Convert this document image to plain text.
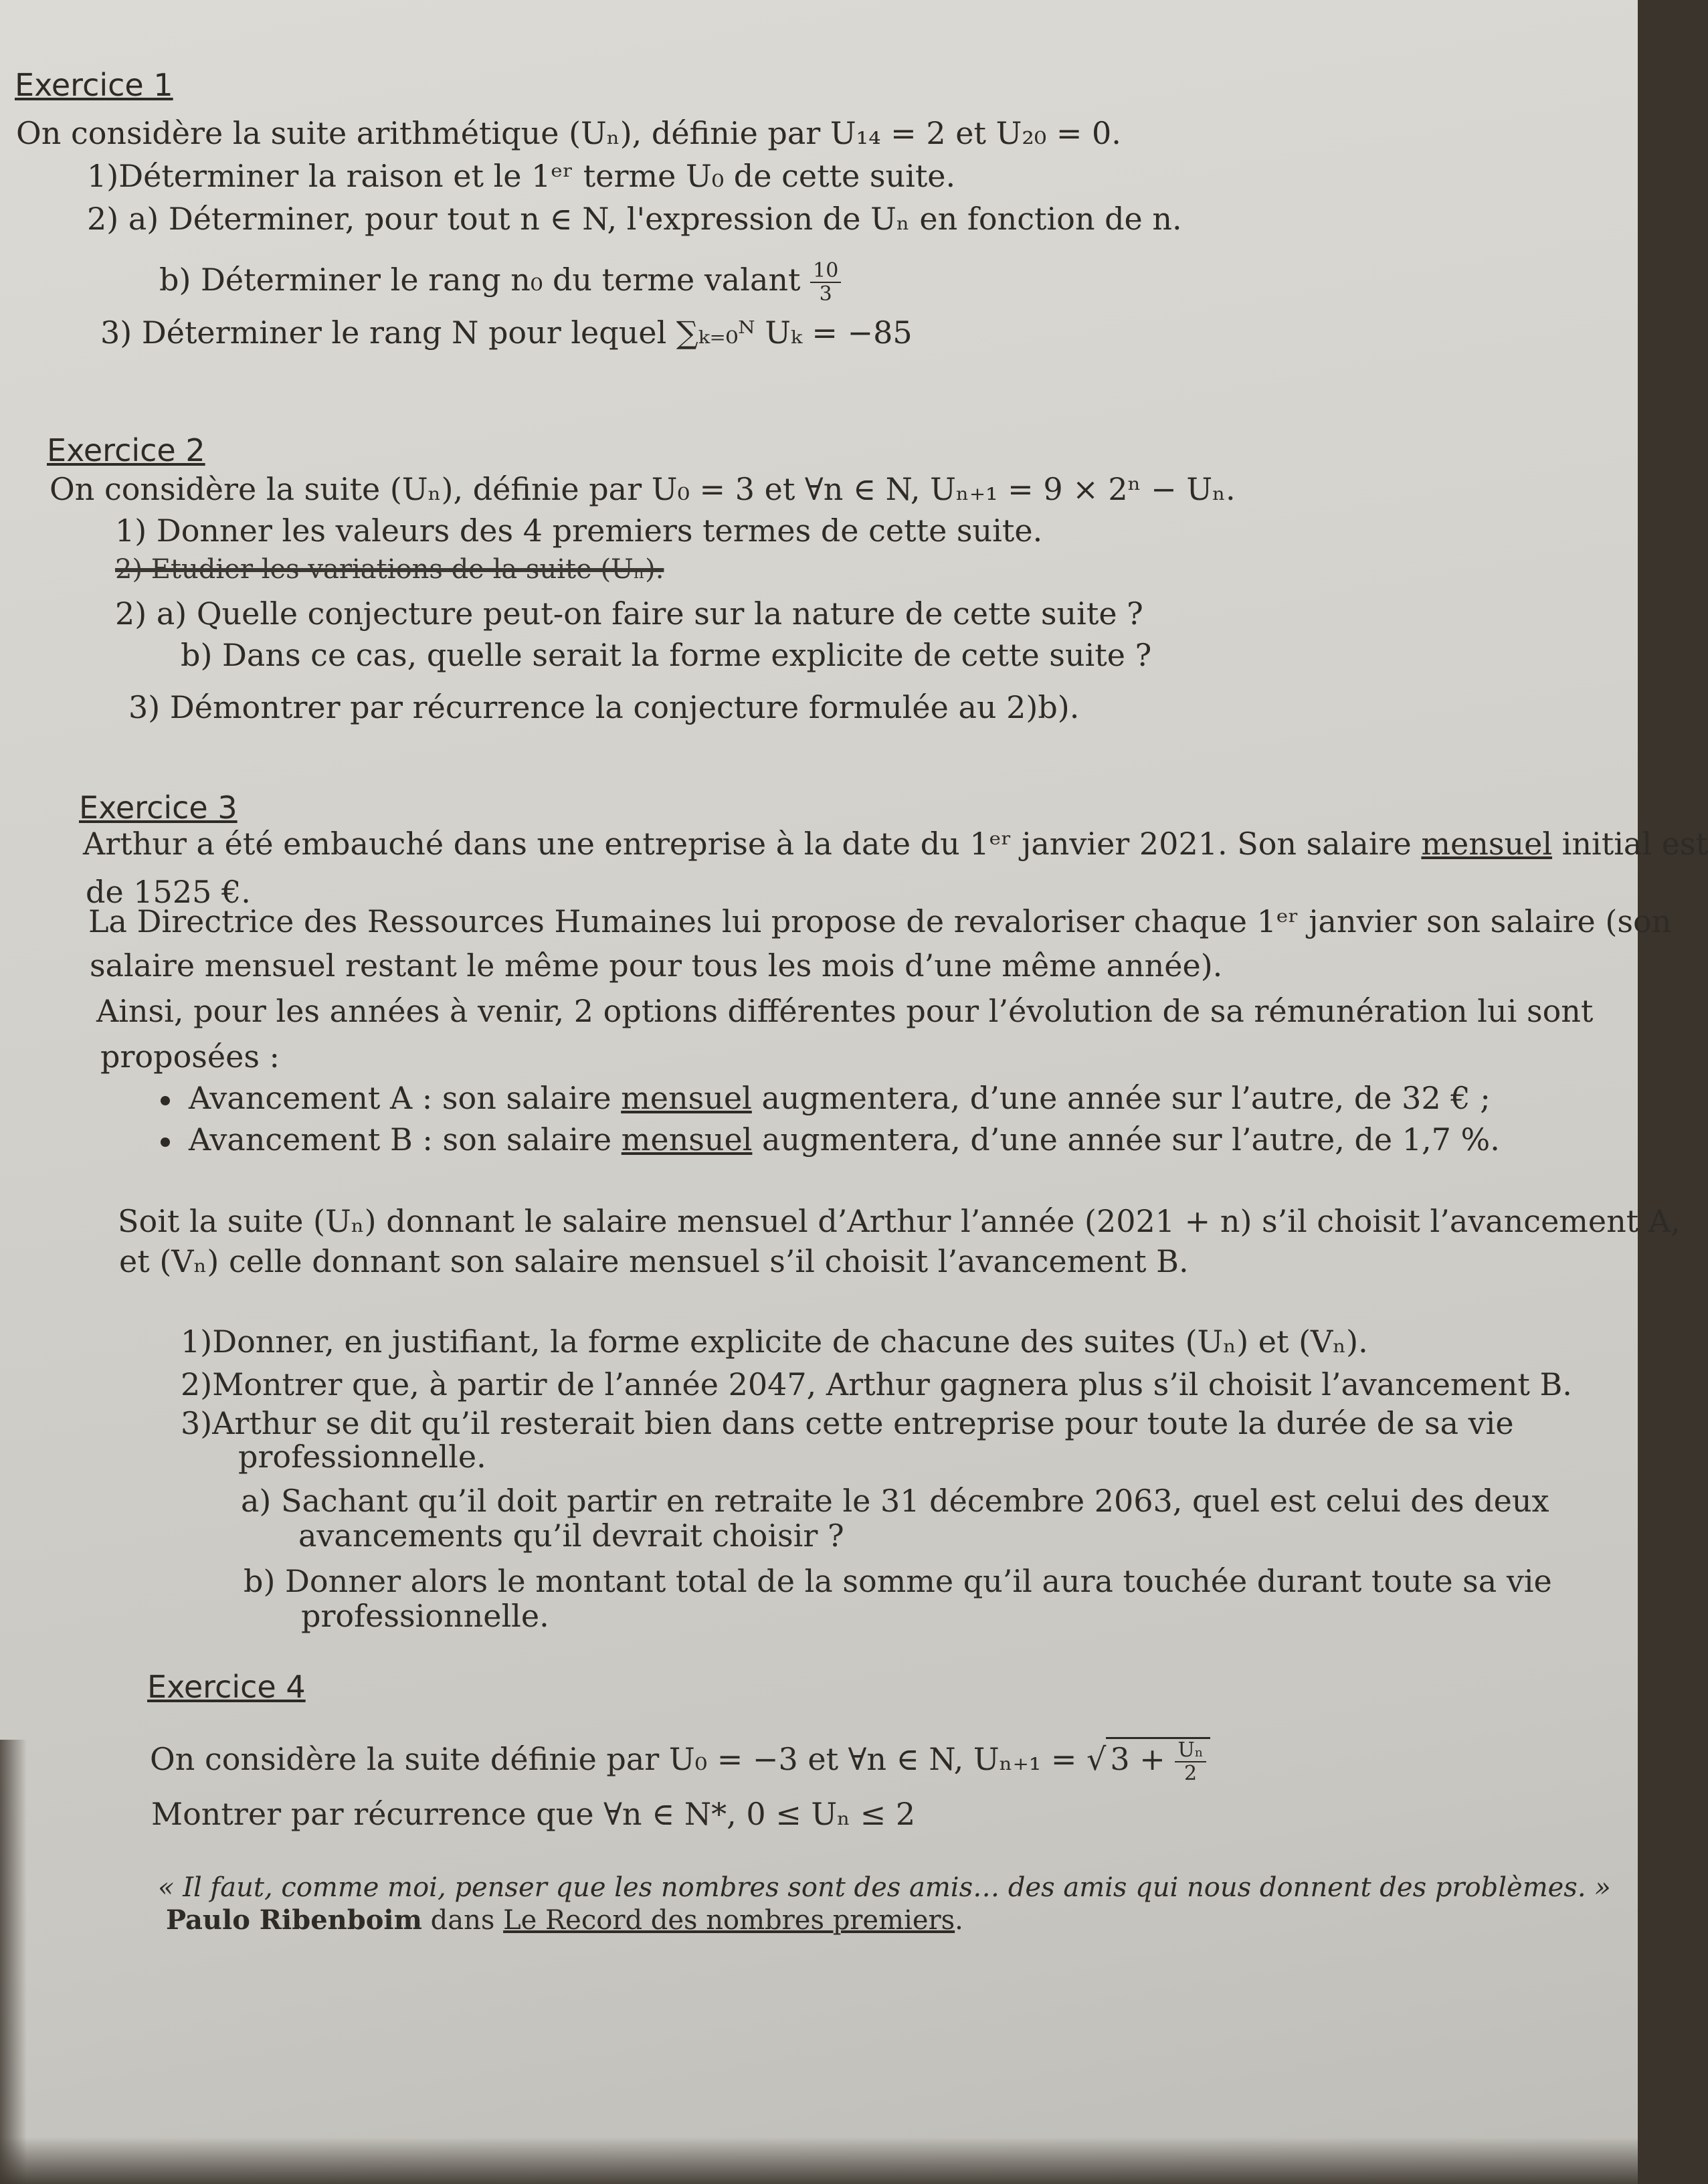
Exercice 1
On considère la suite arithmétique (Uₙ), définie par U₁₄ = 2 et U₂₀ = 0.
1)Déterminer la raison et le 1ᵉʳ terme U₀ de cette suite.
2) a) Déterminer, pour tout n ∈ N, l'expression de Uₙ en fonction de n.
b) Déterminer le rang n₀ du terme valant $\frac{10}{3}$
3) Déterminer le rang N pour lequel ∑ₖ₌₀ᴺ Uₖ = −85
Exercice 2
On considère la suite (Uₙ), définie par U₀ = 3 et ∀n ∈ N, Uₙ₊₁ = 9 × 2ⁿ − Uₙ.
1) Donner les valeurs des 4 premiers termes de cette suite.
2) Etudier les variations de la suite (Uₙ).
2) a) Quelle conjecture peut-on faire sur la nature de cette suite ?
b) Dans ce cas, quelle serait la forme explicite de cette suite ?
3) Démontrer par récurrence la conjecture formulée au 2)b).
Exercice 3
Arthur a été embauché dans une entreprise à la date du 1ᵉʳ janvier 2021. Son salaire mensuel initial est
de 1525 €.
La Directrice des Ressources Humaines lui propose de revaloriser chaque 1ᵉʳ janvier son salaire (son
salaire mensuel restant le même pour tous les mois d’une même année).
Ainsi, pour les années à venir, 2 options différentes pour l’évolution de sa rémunération lui sont
proposées :
Avancement A : son salaire mensuel augmentera, d’une année sur l’autre, de 32 € ;
Avancement B : son salaire mensuel augmentera, d’une année sur l’autre, de 1,7 %.
Soit la suite (Uₙ) donnant le salaire mensuel d’Arthur l’année (2021 + n) s’il choisit l’avancement A,
et (Vₙ) celle donnant son salaire mensuel s’il choisit l’avancement B.
1)Donner, en justifiant, la forme explicite de chacune des suites (Uₙ) et (Vₙ).
2)Montrer que, à partir de l’année 2047, Arthur gagnera plus s’il choisit l’avancement B.
3)Arthur se dit qu’il resterait bien dans cette entreprise pour toute la durée de sa vie
professionnelle.
a) Sachant qu’il doit partir en retraite le 31 décembre 2063, quel est celui des deux
avancements qu’il devrait choisir ?
b) Donner alors le montant total de la somme qu’il aura touchée durant toute sa vie
professionnelle.
Exercice 4
On considère la suite définie par U₀ = −3 et ∀n ∈ N, Uₙ₊₁ = √ $3 + \frac{\text{Uₙ}}{2}$
Montrer par récurrence que ∀n ∈ N*, 0 ≤ Uₙ ≤ 2
« Il faut, comme moi, penser que les nombres sont des amis… des amis qui nous donnent des problèmes. »
Paulo Ribenboim dans Le Record des nombres premiers.
